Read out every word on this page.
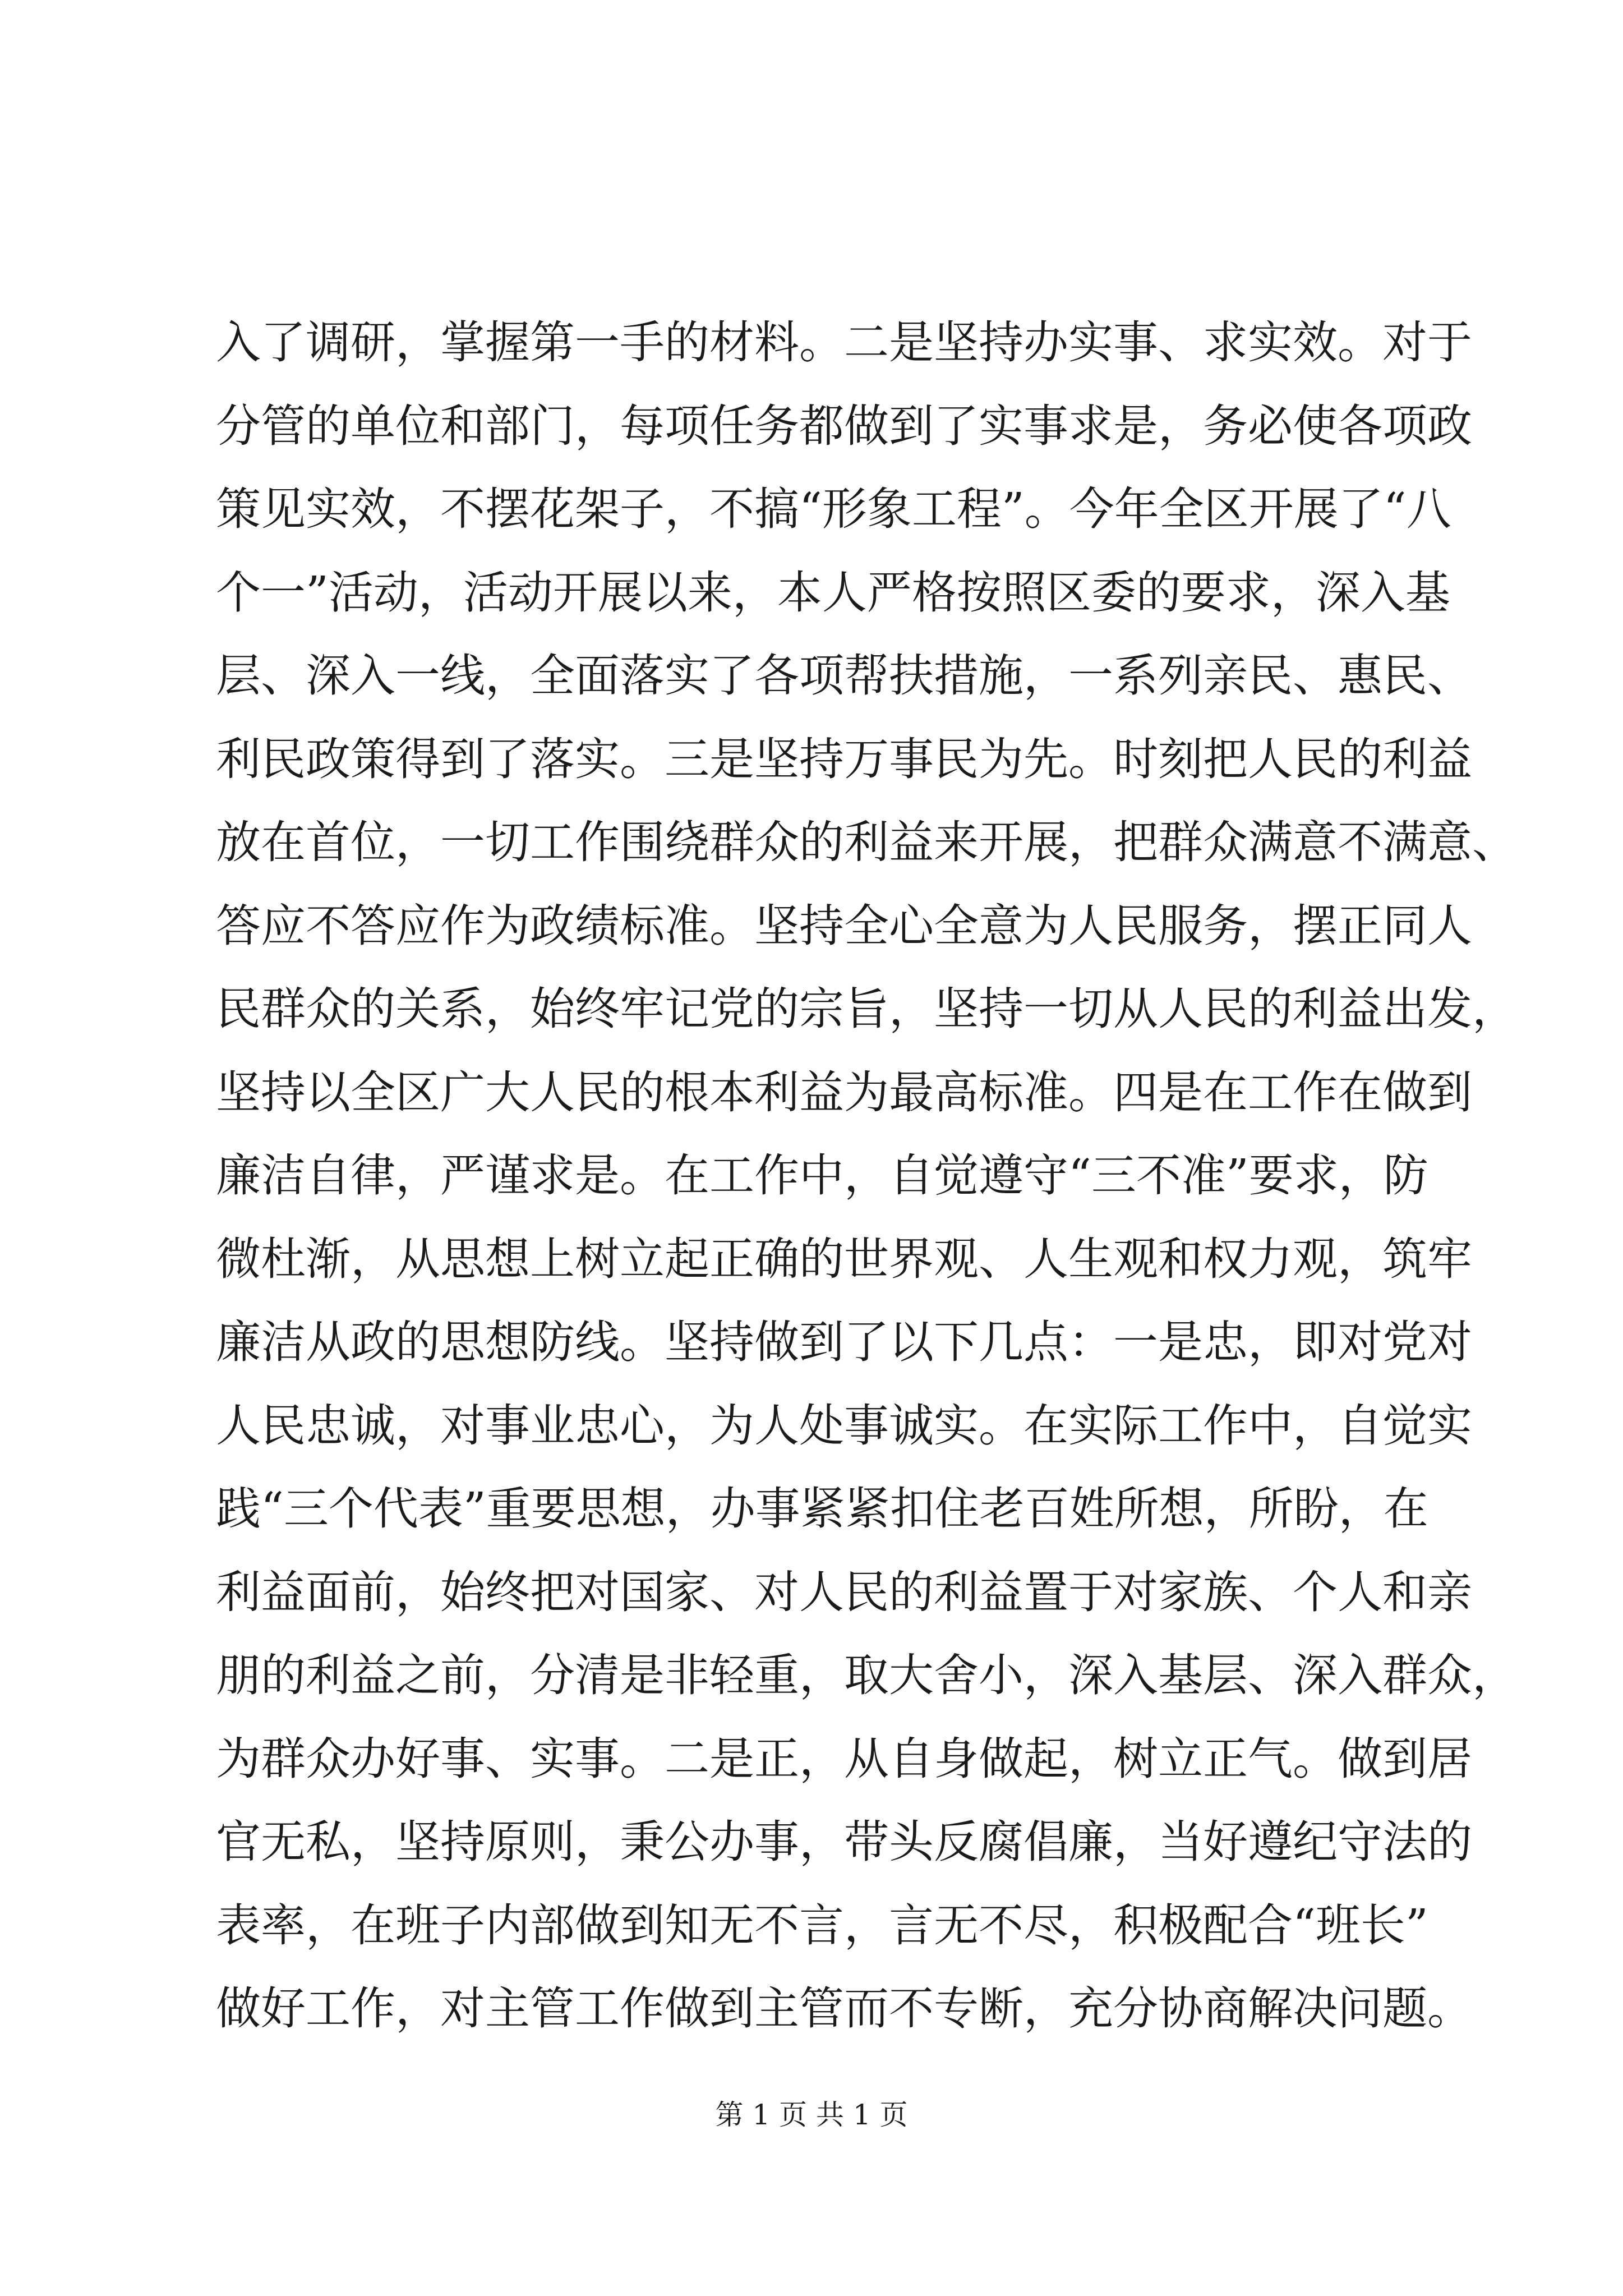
入了调研，掌握第一手的材料。二是坚持办实事、求实效。对于
分管的单位和部门，每项任务都做到了实事求是，务必使各项政
策见实效，不摆花架子，不搞“形象工程”。今年全区开展了“八
个一”活动，活动开展以来，本人严格按照区委的要求，深入基
层、深入一线，全面落实了各项帮扶措施，一系列亲民、惠民、
利民政策得到了落实。三是坚持万事民为先。时刻把人民的利益
放在首位，一切工作围绕群众的利益来开展，把群众满意不满意、
答应不答应作为政绩标准。坚持全心全意为人民服务，摆正同人
民群众的关系，始终牢记党的宗旨，坚持一切从人民的利益出发，
坚持以全区广大人民的根本利益为最高标准。四是在工作在做到
廉洁自律，严谨求是。在工作中，自觉遵守“三不准”要求，防
微杜渐，从思想上树立起正确的世界观、人生观和权力观，筑牢
廉洁从政的思想防线。坚持做到了以下几点：一是忠，即对党对
人民忠诚，对事业忠心，为人处事诚实。在实际工作中，自觉实
践“三个代表”重要思想，办事紧紧扣住老百姓所想，所盼，在
利益面前，始终把对国家、对人民的利益置于对家族、个人和亲
朋的利益之前，分清是非轻重，取大舍小，深入基层、深入群众，
为群众办好事、实事。二是正，从自身做起，树立正气。做到居
官无私，坚持原则，秉公办事，带头反腐倡廉，当好遵纪守法的
表率，在班子内部做到知无不言，言无不尽，积极配合“班长”
做好工作，对主管工作做到主管而不专断，充分协商解决问题。
第 1 页 共 1 页
